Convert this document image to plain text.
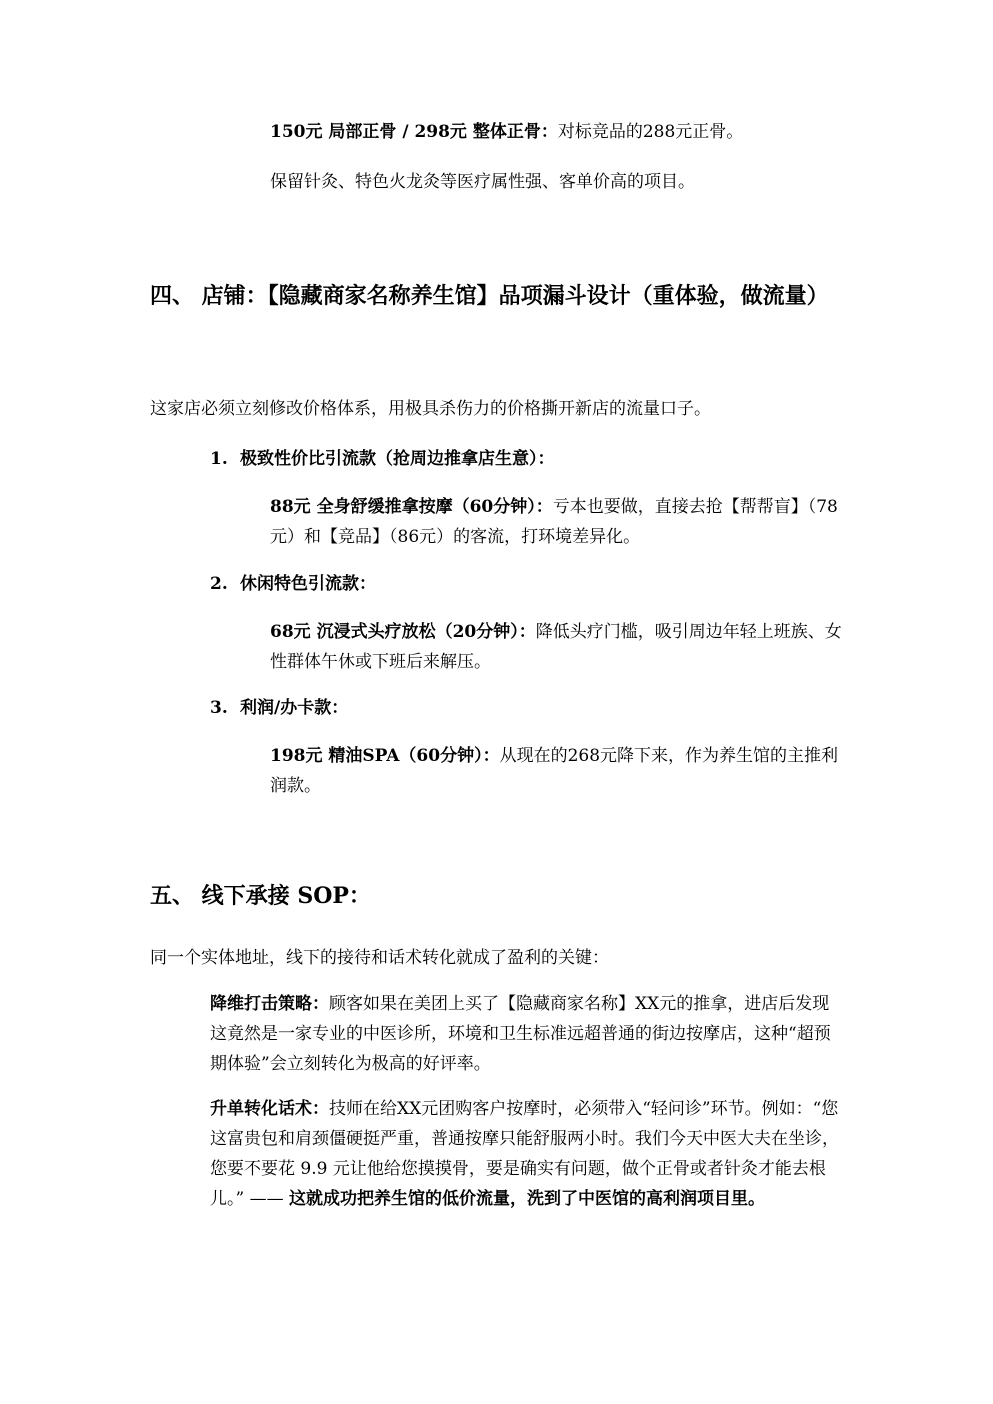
150元 局部正骨 / 298元 整体正骨：对标竞品的288元正骨。

保留针灸、特色火龙灸等医疗属性强、客单价高的项目。

四、 店铺：【隐藏商家名称养生馆】品项漏斗设计（重体验，做流量）

这家店必须立刻修改价格体系，用极具杀伤力的价格撕开新店的流量口子。

1. 极致性价比引流款（抢周边推拿店生意）：

88元 全身舒缓推拿按摩（60分钟）：亏本也要做，直接去抢【帮帮盲】（78元）和【竞品】（86元）的客流，打环境差异化。

2. 休闲特色引流款：

68元 沉浸式头疗放松（20分钟）：降低头疗门槛，吸引周边年轻上班族、女性群体午休或下班后来解压。

3. 利润/办卡款：

198元 精油SPA（60分钟）：从现在的268元降下来，作为养生馆的主推利润款。

五、 线下承接 SOP：

同一个实体地址，线下的接待和话术转化就成了盈利的关键：

降维打击策略：顾客如果在美团上买了【隐藏商家名称】XX元的推拿，进店后发现这竟然是一家专业的中医诊所，环境和卫生标准远超普通的街边按摩店，这种“超预期体验”会立刻转化为极高的好评率。

升单转化话术：技师在给XX元团购客户按摩时，必须带入“轻问诊”环节。例如：“您这富贵包和肩颈僵硬挺严重，普通按摩只能舒服两小时。我们今天中医大夫在坐诊，您要不要花 9.9 元让他给您摸摸骨，要是确实有问题，做个正骨或者针灸才能去根儿。” —— 这就成功把养生馆的低价流量，洗到了中医馆的高利润项目里。
